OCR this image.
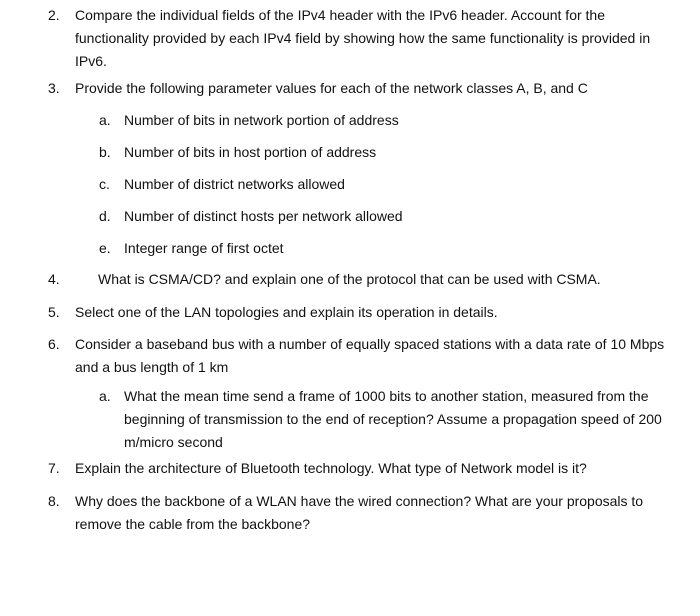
2. Compare the individual fields of the IPv4 header with the IPv6 header. Account for the
functionality provided by each IPv4 field by showing how the same functionality is provided in
IPv6.
3. Provide the following parameter values for each of the network classes A, B, and C
a. Number of bits in network portion of address
b. Number of bits in host portion of address
c. Number of district networks allowed
d. Number of distinct hosts per network allowed
e. Integer range of first octet
4.	What is CSMA/CD? and explain one of the protocol that can be used with CSMA.
5. Select one of the LAN topologies and explain its operation in details.
6. Consider a baseband bus with a number of equally spaced stations with a data rate of 10 Mbps
and a bus length of 1 km
a. What the mean time send a frame of 1000 bits to another station, measured from the
beginning of transmission to the end of reception? Assume a propagation speed of 200
m/micro second
7. Explain the architecture of Bluetooth technology. What type of Network model is it?
8. Why does the backbone of a WLAN have the wired connection? What are your proposals to
remove the cable from the backbone?
